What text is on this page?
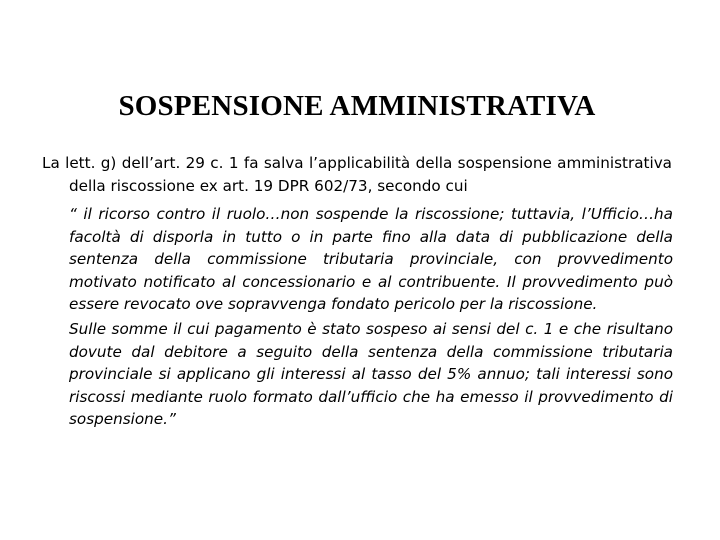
SOSPENSIONE AMMINISTRATIVA
La lett. g) dell’art. 29 c. 1 fa salva l’applicabilità della sospensione amministrativa della riscossione ex art. 19 DPR 602/73, secondo cui
“ il ricorso contro il ruolo…non sospende la riscossione; tuttavia, l’Ufficio…ha facoltà di disporla in tutto o in parte fino alla data di pubblicazione della sentenza della commissione tributaria provinciale, con provvedimento motivato notificato al concessionario e al contribuente. Il provvedimento può essere revocato ove sopravvenga fondato pericolo per la riscossione.
Sulle somme il cui pagamento è stato sospeso ai sensi del c. 1 e che risultano dovute dal debitore a seguito della sentenza della commissione tributaria provinciale si applicano gli interessi al tasso del 5% annuo; tali interessi sono riscossi mediante ruolo formato dall’ufficio che ha emesso il provvedimento di sospensione.”
